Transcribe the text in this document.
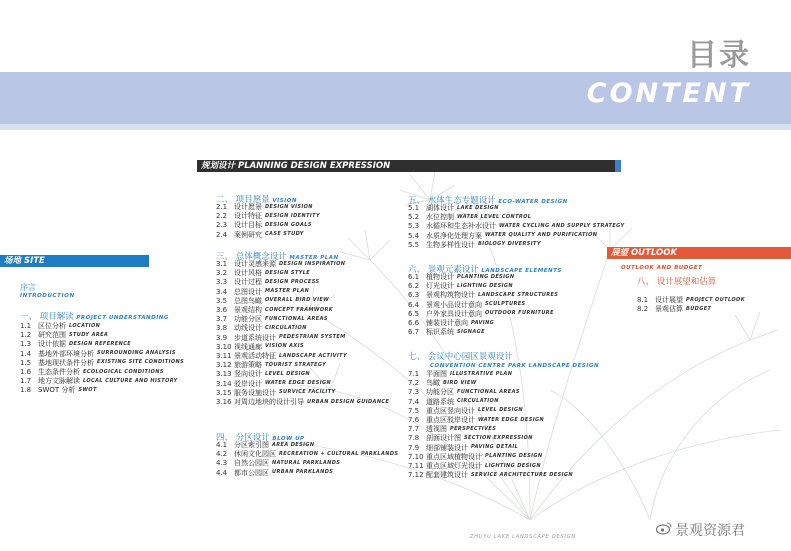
目录
CONTENT
规划设计 PLANNING DESIGN EXPRESSION
场地 SITE
展望 OUTLOOK
序言
INTRODUCTION
一、 项目解读 PROJECT UNDERSTANDING
1.1 区位分析 LOCATION
1.2 研究范围 STUDY AREA
1.3 设计依据 DESIGN REFERENCE
1.4 基地外部环境分析 SURROUNDING ANALYSIS
1.5 基地现状条件分析 EXISTING SITE CONDITIONS
1.6 生态条件分析 ECOLOGICAL CONDITIONS
1.7 地方文脉解读 LOCAL CULTURE AND HISTORY
1.8 SWOT 分析 SWOT
二、 项目愿景 VISION
2.1 设计愿景 DESIGN VISION
2.2 设计特征 DESIGN IDENTITY
2.3 设计目标 DESIGN GOALS
2.4 案例研究 CASE STUDY
三、 总体概念设计 MASTER PLAN
3.1 设计灵感来源 DESIGN INSPIRATION
3.2 设计风格 DESIGN STYLE
3.3 设计过程 DESIGN PROCESS
3.4 总图设计 MASTER PLAN
3.5 总图鸟瞰 OVERALL BIRD VIEW
3.6 景观结构 CONCEPT FRAMWORK
3.7 功能分区 FUNCTIONAL AREAS
3.8 动线设计 CIRCULATION
3.9 步道系统设计 PEDESTRIAN SYSTEM
3.10 视线通廊 VISION AXIS
3.11 景观活动特征 LANDSCAPE ACTIVITY
3.12 旅游策略 TOURIST STRATEGY
3.13 竖向设计 LEVEL DESIGN
3.14 驳岸设计 WATER EDGE DESIGN
3.15 服务设施设计 SURVICE FACILITY
3.16 对周边地块的设计引导 URBAN DESIGN GUIDANCE
四、 分区设计 BLOW UP
4.1 分区索引图 AREA DESIGN
4.2 休闲文化园区 RECREATION + CULTURAL PARKLANDS
4.3 自然公园区 NATURAL PARKLANDS
4.4 都市公园区 URBAN PARKLANDS
五、 水体生态专题设计 ECO-WATER DESIGN
5.1 湖体设计 LAKE DESIGN
5.2 水位控制 WATER LEVEL CONTROL
5.3 水循环和生态补水设计 WATER CYCLING AND SUPPLY STRATEGY
5.4 水质净化处理方案 WATER QUALITY AND PURIFICATION
5.5 生物多样性设计 BIOLOGY DIVERSITY
六、 景观元素设计 LANDSCAPE ELEMENTS
6.1 植物设计 PLANTING DESIGN
6.2 灯光设计 LIGHTING DESIGN
6.3 景观构筑物设计 LANDSCAPE STRUCTURES
6.4 景观小品设计意向 SCULPTURES
6.5 户外家具设计意向 OUTDOOR FURNITURE
6.6 铺装设计意向 PAVING
6.7 标识系统 SIGNAGE
七、 会议中心园区景观设计
CONVENTION CENTRE PARK LANDSCAPE DESIGN
7.1 平面图 ILLUSTRATIVE PLAN
7.2 鸟瞰 BIRD VIEW
7.3 功能分区 FUNCTIONAL AREAS
7.4 道路系统 CIRCULATION
7.5 重点区竖向设计 LEVEL DESIGN
7.6 重点区驳岸设计 WATER EDGE DESIGN
7.7 透视图 PERSPECTIVES
7.8 剖面设计图 SECTION EXPRESSION
7.9 细部铺装设计 PAVING DETAIL
7.10 重点区域植物设计 PLANTING DESIGN
7.11 重点区域灯光设计 LIGHTING DESIGN
7.12 配套建筑设计 SERVICE ARCHITECTURE DESIGN
八、 设计展望和估算
OUTLOOK AND BUDGET
8.1 设计展望 PROJECT OUTLOOK
8.2 景观估算 BUDGET
ZHUYU LAKE LANDSCAPE DESIGN	景观资源君
